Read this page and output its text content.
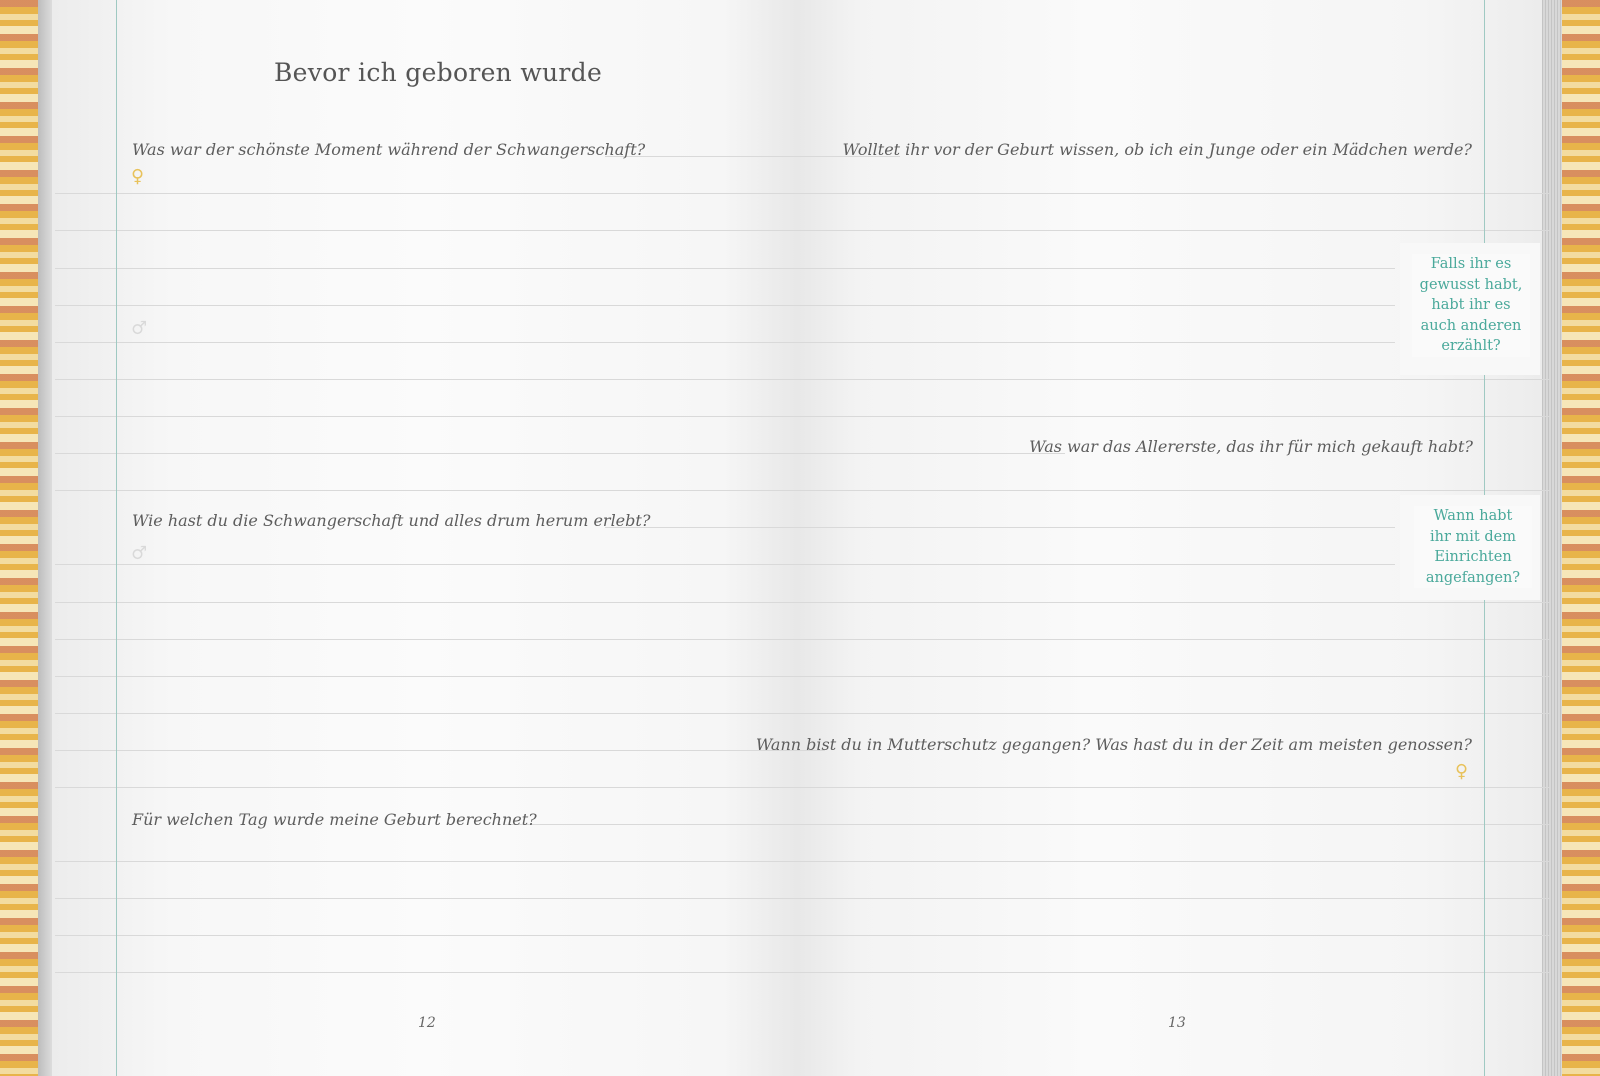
Bevor ich geboren wurde
Was war der schönste Moment während der Schwangerschaft?	Wolltet ihr vor der Geburt wissen, ob ich ein Junge oder ein Mädchen werde?
Was war das Allererste, das ihr für mich gekauft habt?
Wie hast du die Schwangerschaft und alles drum herum erlebt?
Wann bist du in Mutterschutz gegangen? Was hast du in der Zeit am meisten genossen?
Für welchen Tag wurde meine Geburt berechnet?
Falls ihr es
gewusst habt,
habt ihr es
auch anderen
erzählt?
Wann habt
ihr mit dem
Einrichten
angefangen?
♀
♂
♂
♀
12	13
